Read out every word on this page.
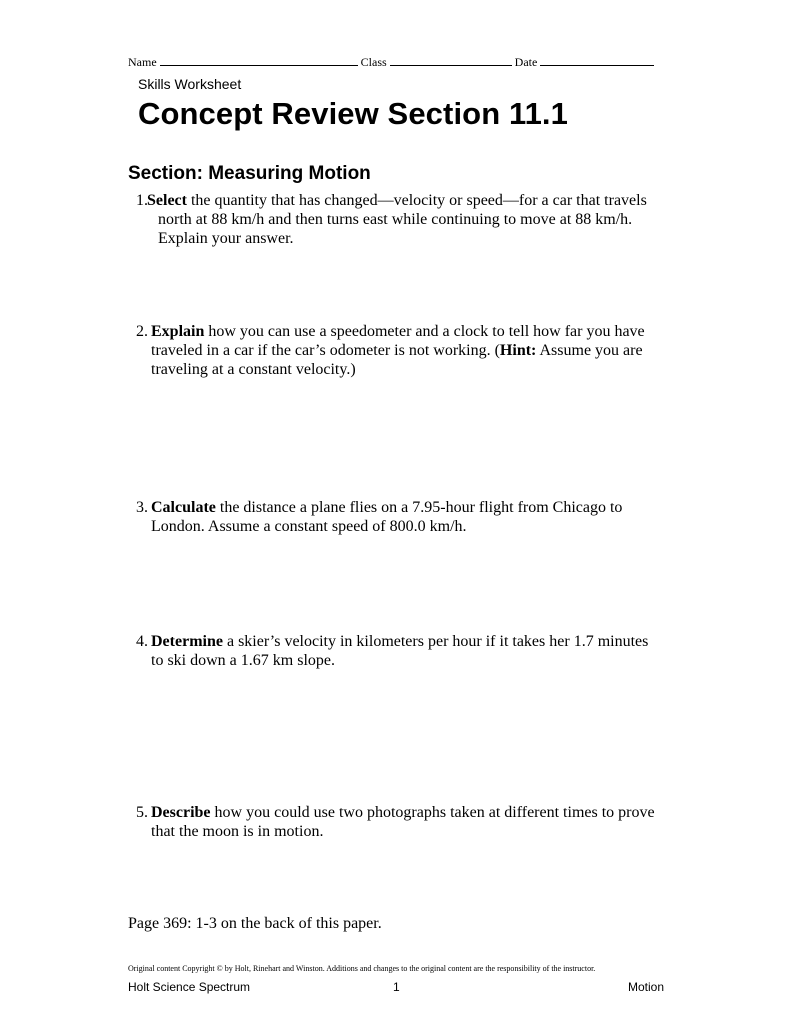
Name	Class	Date
Skills Worksheet
Concept Review Section 11.1
Section: Measuring Motion
1. Select the quantity that has changed—velocity or speed—for a car that travels north at 88 km/h and then turns east while continuing to move at 88 km/h. Explain your answer.
2. Explain how you can use a speedometer and a clock to tell how far you have traveled in a car if the car’s odometer is not working. (Hint: Assume you are traveling at a constant velocity.)
3. Calculate the distance a plane flies on a 7.95-hour flight from Chicago to London. Assume a constant speed of 800.0 km/h.
4. Determine a skier’s velocity in kilometers per hour if it takes her 1.7 minutes to ski down a 1.67 km slope.
5. Describe how you could use two photographs taken at different times to prove that the moon is in motion.
Page 369: 1-3 on the back of this paper.
Original content Copyright © by Holt, Rinehart and Winston. Additions and changes to the original content are the responsibility of the instructor.
Holt Science Spectrum	1	Motion
